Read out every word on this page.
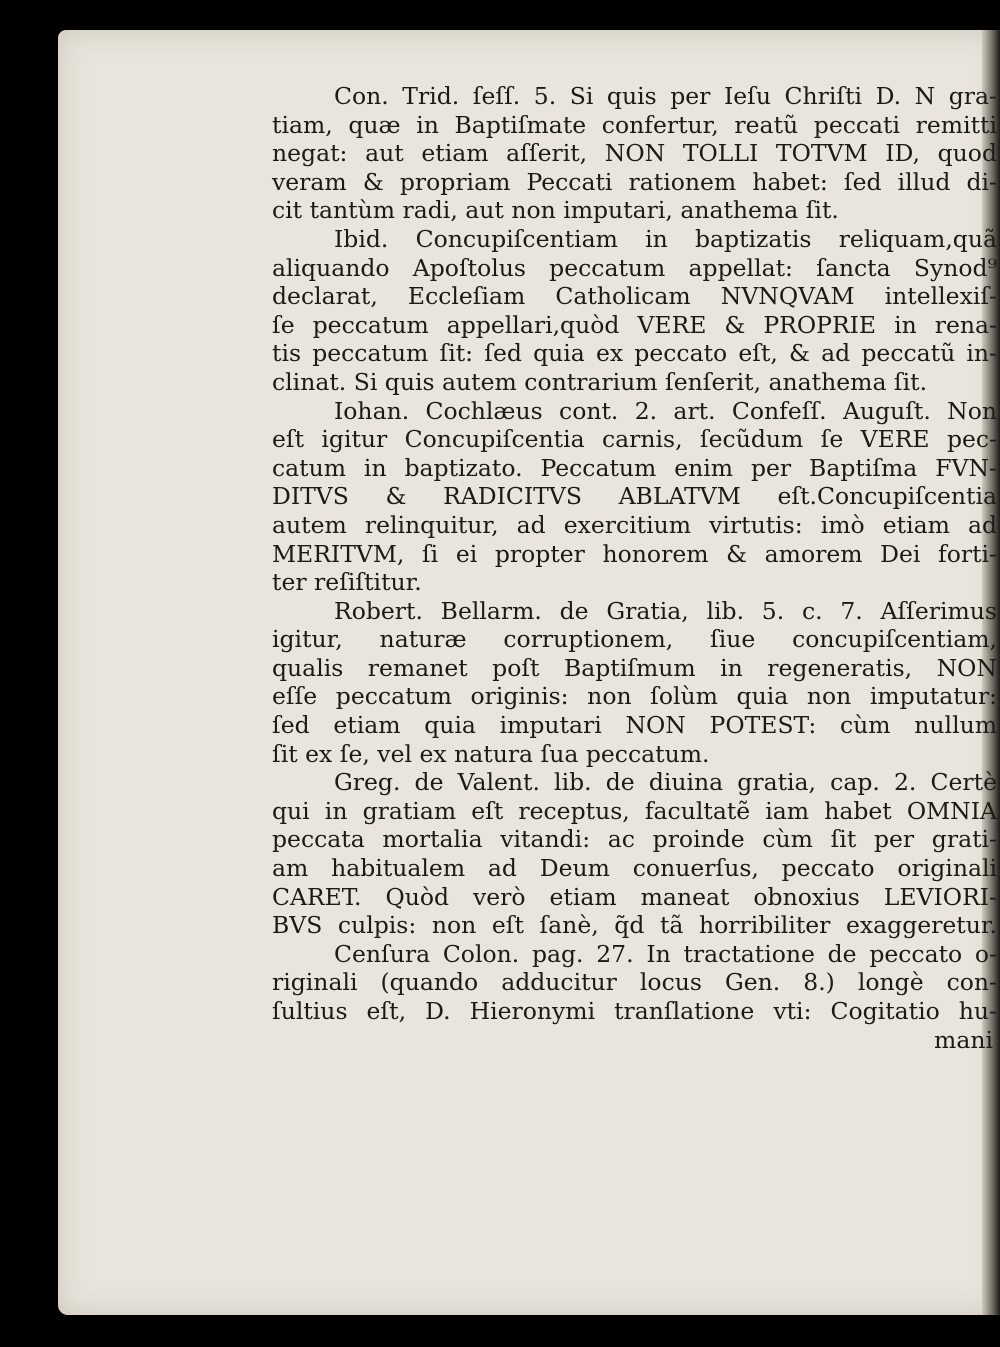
Con. Trid. ſeſſ. 5. Si quis per Ieſu Chriſti D. N gra-
tiam, quæ in Baptiſmate confertur, reatũ peccati remitti
negat: aut etiam aſſerit, NON TOLLI TOTVM ID, quod
veram & propriam Peccati rationem habet: ſed illud di-
cit tantùm radi, aut non imputari, anathema ſit.
Ibid. Concupiſcentiam in baptizatis reliquam,quã
aliquando Apoſtolus peccatum appellat: ſancta Synod⁹
declarat, Eccleſiam Catholicam NVNQVAM intellexiſ-
ſe peccatum appellari,quòd VERE & PROPRIE in rena-
tis peccatum ſit: ſed quia ex peccato eſt, & ad peccatũ in-
clinat. Si quis autem contrarium ſenſerit, anathema ſit.
Iohan. Cochlæus cont. 2. art. Confeſſ. Auguſt. Non
eſt igitur Concupiſcentia carnis, ſecũdum ſe VERE pec-
catum in baptizato. Peccatum enim per Baptiſma FVN-
DITVS & RADICITVS ABLATVM eſt.Concupiſcentia
autem relinquitur, ad exercitium virtutis: imò etiam ad
MERITVM, ſi ei propter honorem & amorem Dei forti-
ter reſiſtitur.
Robert. Bellarm. de Gratia, lib. 5. c. 7. Aſſerimus
igitur, naturæ corruptionem, ſiue concupiſcentiam,
qualis remanet poſt Baptiſmum in regeneratis, NON
eſſe peccatum originis: non ſolùm quia non imputatur:
ſed etiam quia imputari NON POTEST: cùm nullum
ſit ex ſe, vel ex natura ſua peccatum.
Greg. de Valent. lib. de diuina gratia, cap. 2. Certè
qui in gratiam eſt receptus, facultatẽ iam habet OMNIA
peccata mortalia vitandi: ac proinde cùm ſit per grati-
am habitualem ad Deum conuerſus, peccato originali
CARET. Quòd verò etiam maneat obnoxius LEVIORI-
BVS culpis: non eſt ſanè, q̃d tã horribiliter exaggeretur.
Cenſura Colon. pag. 27. In tractatione de peccato o-
riginali (quando adducitur locus Gen. 8.) longè con-
ſultius eſt, D. Hieronymi tranſlatione vti: Cogitatio hu-
mani
